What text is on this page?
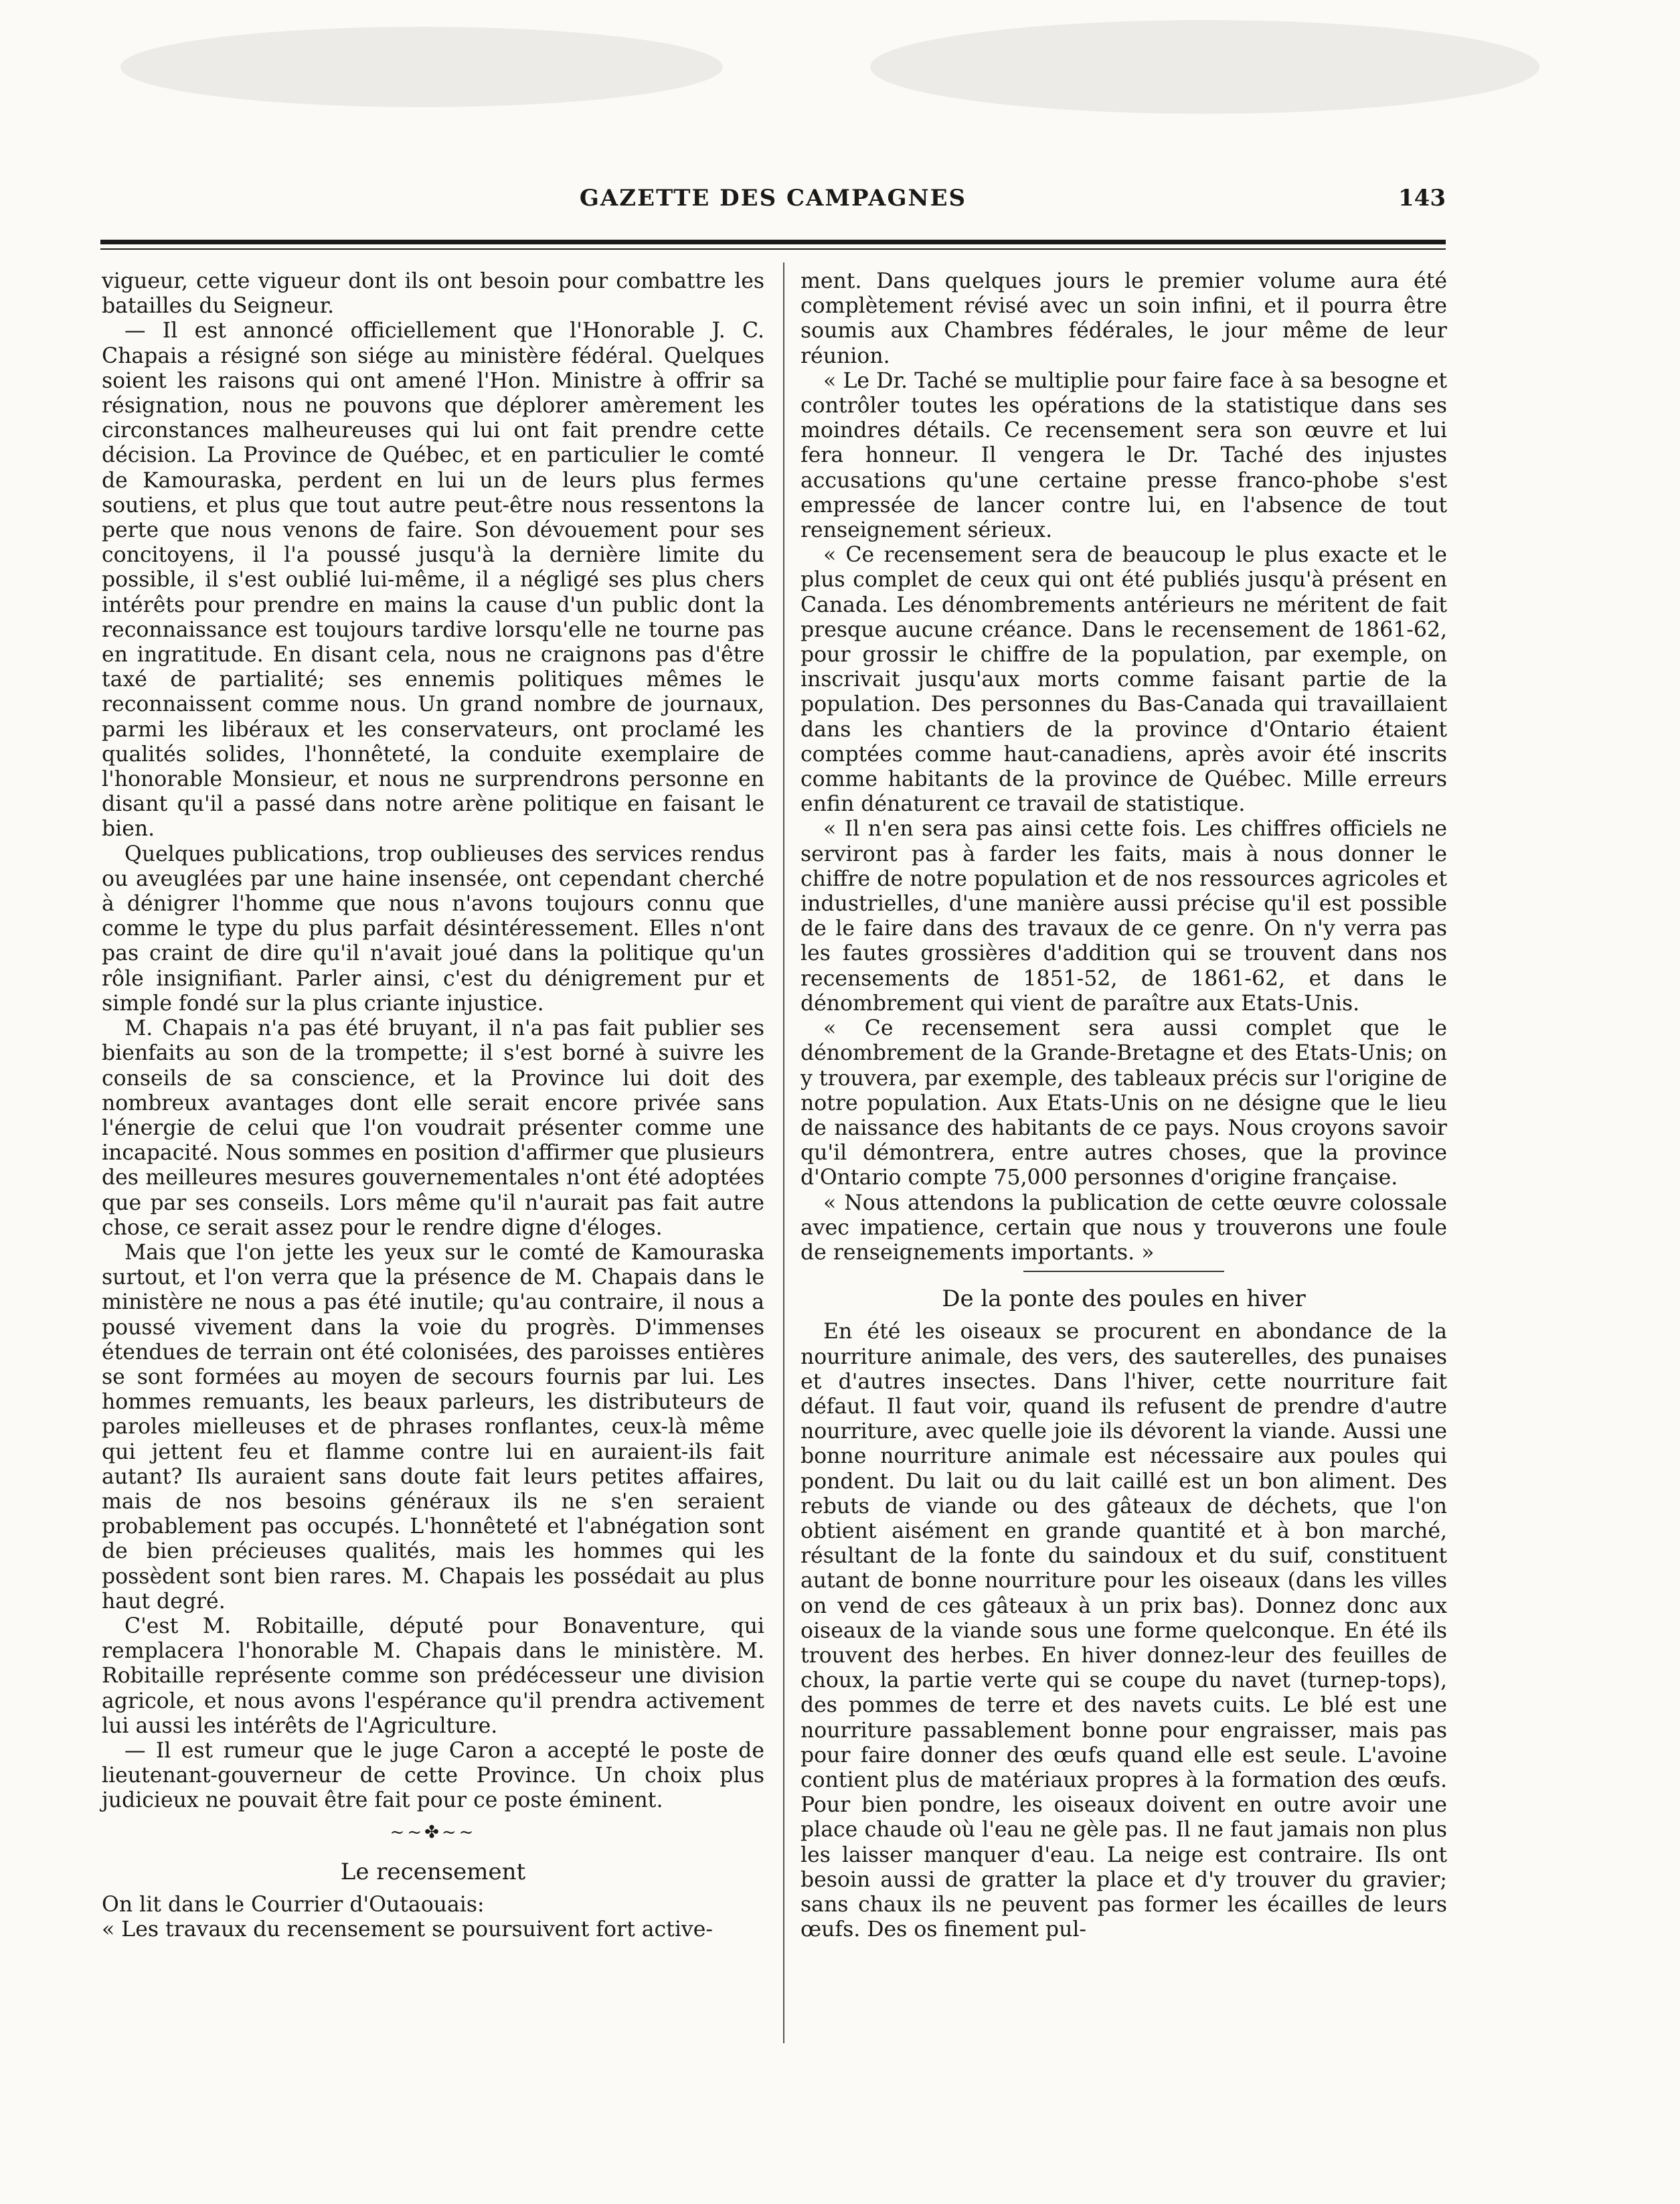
GAZETTE DES CAMPAGNES	143

vigueur, cette vigueur dont ils ont besoin pour combattre les batailles du Seigneur.

— Il est annoncé officiellement que l'Honorable J. C. Chapais a résigné son siége au ministère fédéral. Quelques soient les raisons qui ont amené l'Hon. Ministre à offrir sa résignation, nous ne pouvons que déplorer amèrement les circonstances malheureuses qui lui ont fait prendre cette décision. La Province de Québec, et en particulier le comté de Kamouraska, perdent en lui un de leurs plus fermes soutiens, et plus que tout autre peut-être nous ressentons la perte que nous venons de faire. Son dévouement pour ses concitoyens, il l'a poussé jusqu'à la dernière limite du possible, il s'est oublié lui-même, il a négligé ses plus chers intérêts pour prendre en mains la cause d'un public dont la reconnaissance est toujours tardive lorsqu'elle ne tourne pas en ingratitude. En disant cela, nous ne craignons pas d'être taxé de partialité; ses ennemis politiques mêmes le reconnaissent comme nous. Un grand nombre de journaux, parmi les libéraux et les conservateurs, ont proclamé les qualités solides, l'honnêteté, la conduite exemplaire de l'honorable Monsieur, et nous ne surprendrons personne en disant qu'il a passé dans notre arène politique en faisant le bien.

Quelques publications, trop oublieuses des services rendus ou aveuglées par une haine insensée, ont cependant cherché à dénigrer l'homme que nous n'avons toujours connu que comme le type du plus parfait désintéressement. Elles n'ont pas craint de dire qu'il n'avait joué dans la politique qu'un rôle insignifiant. Parler ainsi, c'est du dénigrement pur et simple fondé sur la plus criante injustice.

M. Chapais n'a pas été bruyant, il n'a pas fait publier ses bienfaits au son de la trompette; il s'est borné à suivre les conseils de sa conscience, et la Province lui doit des nombreux avantages dont elle serait encore privée sans l'énergie de celui que l'on voudrait présenter comme une incapacité. Nous sommes en position d'affirmer que plusieurs des meilleures mesures gouvernementales n'ont été adoptées que par ses conseils. Lors même qu'il n'aurait pas fait autre chose, ce serait assez pour le rendre digne d'éloges.

Mais que l'on jette les yeux sur le comté de Kamouraska surtout, et l'on verra que la présence de M. Chapais dans le ministère ne nous a pas été inutile; qu'au contraire, il nous a poussé vivement dans la voie du progrès. D'immenses étendues de terrain ont été colonisées, des paroisses entières se sont formées au moyen de secours fournis par lui. Les hommes remuants, les beaux parleurs, les distributeurs de paroles mielleuses et de phrases ronflantes, ceux-là même qui jettent feu et flamme contre lui en auraient-ils fait autant? Ils auraient sans doute fait leurs petites affaires, mais de nos besoins généraux ils ne s'en seraient probablement pas occupés. L'honnêteté et l'abnégation sont de bien précieuses qualités, mais les hommes qui les possèdent sont bien rares. M. Chapais les possédait au plus haut degré.

C'est M. Robitaille, député pour Bonaventure, qui remplacera l'honorable M. Chapais dans le ministère. M. Robitaille représente comme son prédécesseur une division agricole, et nous avons l'espérance qu'il prendra activement lui aussi les intérêts de l'Agriculture.

— Il est rumeur que le juge Caron a accepté le poste de lieutenant-gouverneur de cette Province. Un choix plus judicieux ne pouvait être fait pour ce poste éminent.

~~✤~~
Le recensement

On lit dans le Courrier d'Outaouais:

« Les travaux du recensement se poursuivent fort active-

ment. Dans quelques jours le premier volume aura été complètement révisé avec un soin infini, et il pourra être soumis aux Chambres fédérales, le jour même de leur réunion.

« Le Dr. Taché se multiplie pour faire face à sa besogne et contrôler toutes les opérations de la statistique dans ses moindres détails. Ce recensement sera son œuvre et lui fera honneur. Il vengera le Dr. Taché des injustes accusations qu'une certaine presse franco-phobe s'est empressée de lancer contre lui, en l'absence de tout renseignement sérieux.

« Ce recensement sera de beaucoup le plus exacte et le plus complet de ceux qui ont été publiés jusqu'à présent en Canada. Les dénombrements antérieurs ne méritent de fait presque aucune créance. Dans le recensement de 1861-62, pour grossir le chiffre de la population, par exemple, on inscrivait jusqu'aux morts comme faisant partie de la population. Des personnes du Bas-Canada qui travaillaient dans les chantiers de la province d'Ontario étaient comptées comme haut-canadiens, après avoir été inscrits comme habitants de la province de Québec. Mille erreurs enfin dénaturent ce travail de statistique.

« Il n'en sera pas ainsi cette fois. Les chiffres officiels ne serviront pas à farder les faits, mais à nous donner le chiffre de notre population et de nos ressources agricoles et industrielles, d'une manière aussi précise qu'il est possible de le faire dans des travaux de ce genre. On n'y verra pas les fautes grossières d'addition qui se trouvent dans nos recensements de 1851-52, de 1861-62, et dans le dénombrement qui vient de paraître aux Etats-Unis.

« Ce recensement sera aussi complet que le dénombrement de la Grande-Bretagne et des Etats-Unis; on y trouvera, par exemple, des tableaux précis sur l'origine de notre population. Aux Etats-Unis on ne désigne que le lieu de naissance des habitants de ce pays. Nous croyons savoir qu'il démontrera, entre autres choses, que la province d'Ontario compte 75,000 personnes d'origine française.

« Nous attendons la publication de cette œuvre colossale avec impatience, certain que nous y trouverons une foule de renseignements importants. »

De la ponte des poules en hiver

En été les oiseaux se procurent en abondance de la nourriture animale, des vers, des sauterelles, des punaises et d'autres insectes. Dans l'hiver, cette nourriture fait défaut. Il faut voir, quand ils refusent de prendre d'autre nourriture, avec quelle joie ils dévorent la viande. Aussi une bonne nourriture animale est nécessaire aux poules qui pondent. Du lait ou du lait caillé est un bon aliment. Des rebuts de viande ou des gâteaux de déchets, que l'on obtient aisément en grande quantité et à bon marché, résultant de la fonte du saindoux et du suif, constituent autant de bonne nourriture pour les oiseaux (dans les villes on vend de ces gâteaux à un prix bas). Donnez donc aux oiseaux de la viande sous une forme quelconque. En été ils trouvent des herbes. En hiver donnez-leur des feuilles de choux, la partie verte qui se coupe du navet (turnep-tops), des pommes de terre et des navets cuits. Le blé est une nourriture passablement bonne pour engraisser, mais pas pour faire donner des œufs quand elle est seule. L'avoine contient plus de matériaux propres à la formation des œufs. Pour bien pondre, les oiseaux doivent en outre avoir une place chaude où l'eau ne gèle pas. Il ne faut jamais non plus les laisser manquer d'eau. La neige est contraire. Ils ont besoin aussi de gratter la place et d'y trouver du gravier; sans chaux ils ne peuvent pas former les écailles de leurs œufs. Des os finement pul-
